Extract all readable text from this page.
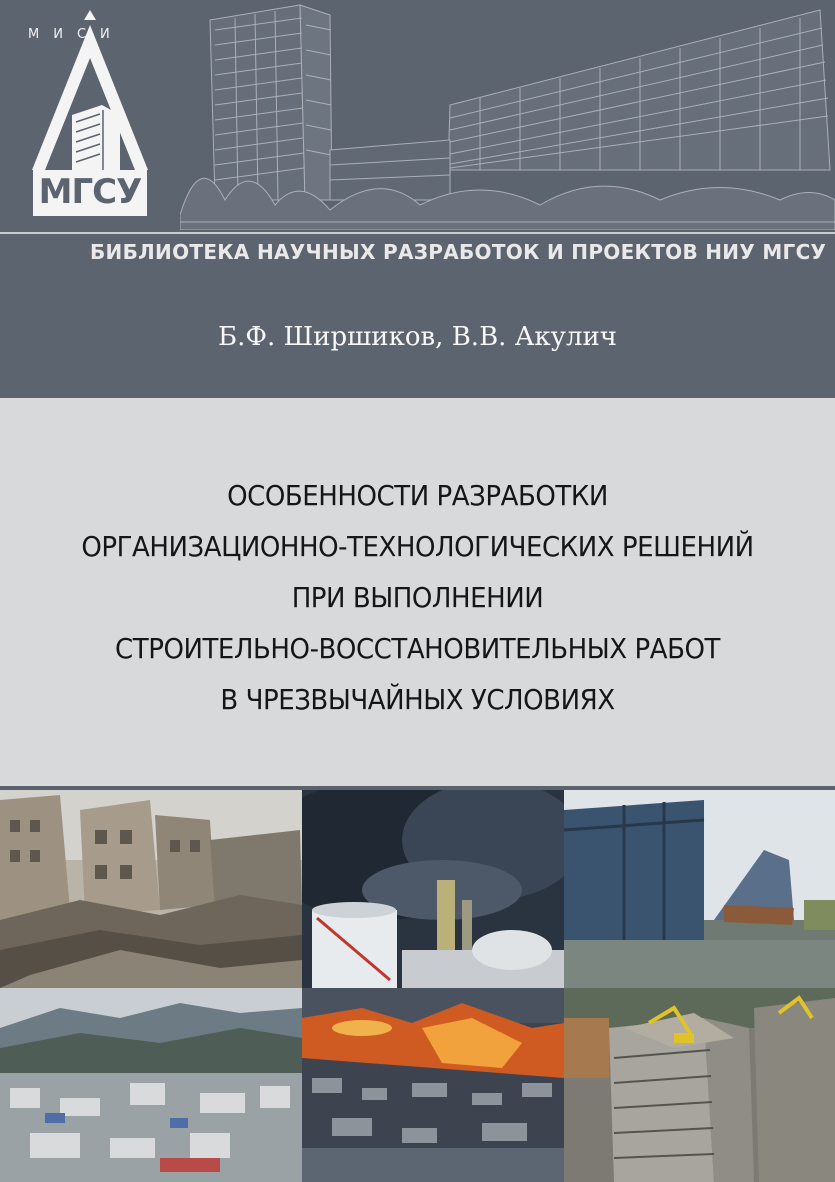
МИСИ
МГСУ
БИБЛИОТЕКА НАУЧНЫХ РАЗРАБОТОК И ПРОЕКТОВ НИУ МГСУ
Б.Ф. Ширшиков, В.В. Акулич
ОСОБЕННОСТИ РАЗРАБОТКИ
ОРГАНИЗАЦИОННО-ТЕХНОЛОГИЧЕСКИХ РЕШЕНИЙ
ПРИ ВЫПОЛНЕНИИ
СТРОИТЕЛЬНО-ВОССТАНОВИТЕЛЬНЫХ РАБОТ
В ЧРЕЗВЫЧАЙНЫХ УСЛОВИЯХ
